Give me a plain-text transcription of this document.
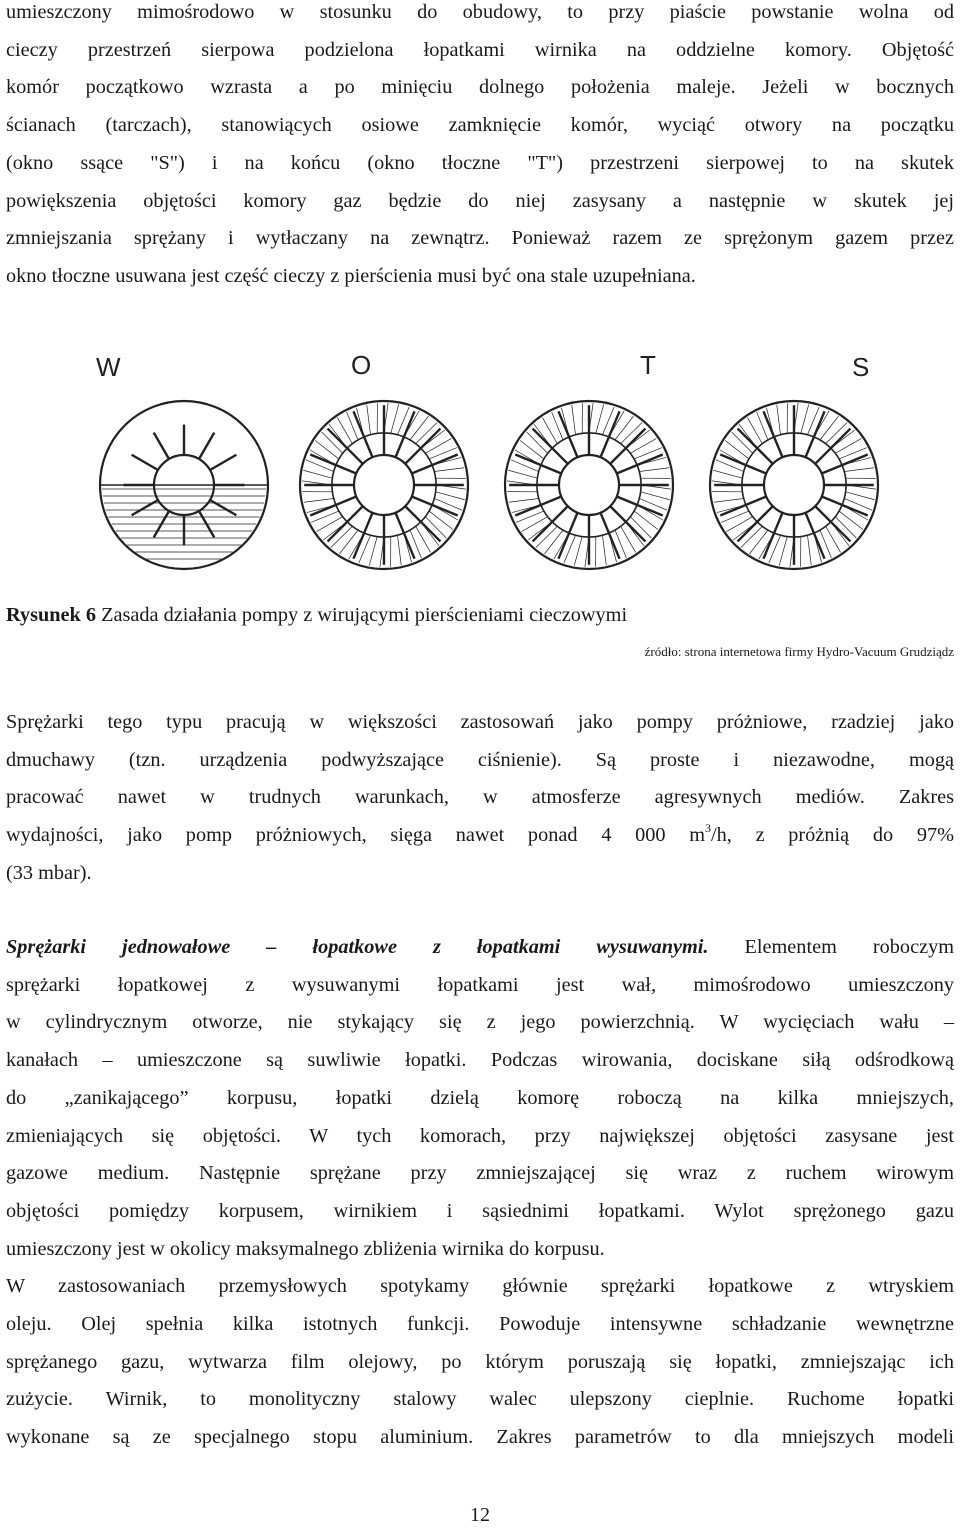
umieszczony mimośrodowo w stosunku do obudowy, to przy piaście powstanie wolna od
cieczy przestrzeń sierpowa podzielona łopatkami wirnika na oddzielne komory. Objętość
komór początkowo wzrasta a po minięciu dolnego położenia maleje. Jeżeli w bocznych
ścianach (tarczach), stanowiących osiowe zamknięcie komór, wyciąć otwory na początku
(okno ssące "S") i na końcu (okno tłoczne "T") przestrzeni sierpowej to na skutek
powiększenia objętości komory gaz będzie do niej zasysany a następnie w skutek jej
zmniejszania sprężany i wytłaczany na zewnątrz. Ponieważ razem ze sprężonym gazem przez
okno tłoczne usuwana jest część cieczy z pierścienia musi być ona stale uzupełniana.

W	O	T	S
Rysunek 6 Zasada działania pompy z wirującymi pierścieniami cieczowymi
źródło: strona internetowa firmy Hydro-Vacuum Grudziądz

Sprężarki tego typu pracują w większości zastosowań jako pompy próżniowe, rzadziej jako
dmuchawy (tzn. urządzenia podwyższające ciśnienie). Są proste i niezawodne, mogą
pracować nawet w trudnych warunkach, w atmosferze agresywnych mediów. Zakres
wydajności, jako pomp próżniowych, sięga nawet ponad 4 000 $m^3/h$, z próżnią do 97%
(33 mbar).

Sprężarki jednowałowe – łopatkowe z łopatkami wysuwanymi. Elementem roboczym
sprężarki łopatkowej z wysuwanymi łopatkami jest wał, mimośrodowo umieszczony
w cylindrycznym otworze, nie stykający się z jego powierzchnią. W wycięciach wału –
kanałach – umieszczone są suwliwie łopatki. Podczas wirowania, dociskane siłą odśrodkową
do „zanikającego” korpusu, łopatki dzielą komorę roboczą na kilka mniejszych,
zmieniających się objętości. W tych komorach, przy największej objętości zasysane jest
gazowe medium. Następnie sprężane przy zmniejszającej się wraz z ruchem wirowym
objętości pomiędzy korpusem, wirnikiem i sąsiednimi łopatkami. Wylot sprężonego gazu
umieszczony jest w okolicy maksymalnego zbliżenia wirnika do korpusu.
W zastosowaniach przemysłowych spotykamy głównie sprężarki łopatkowe z wtryskiem
oleju. Olej spełnia kilka istotnych funkcji. Powoduje intensywne schładzanie wewnętrzne
sprężanego gazu, wytwarza film olejowy, po którym poruszają się łopatki, zmniejszając ich
zużycie. Wirnik, to monolityczny stalowy walec ulepszony cieplnie. Ruchome łopatki
wykonane są ze specjalnego stopu aluminium. Zakres parametrów to dla mniejszych modeli

12
